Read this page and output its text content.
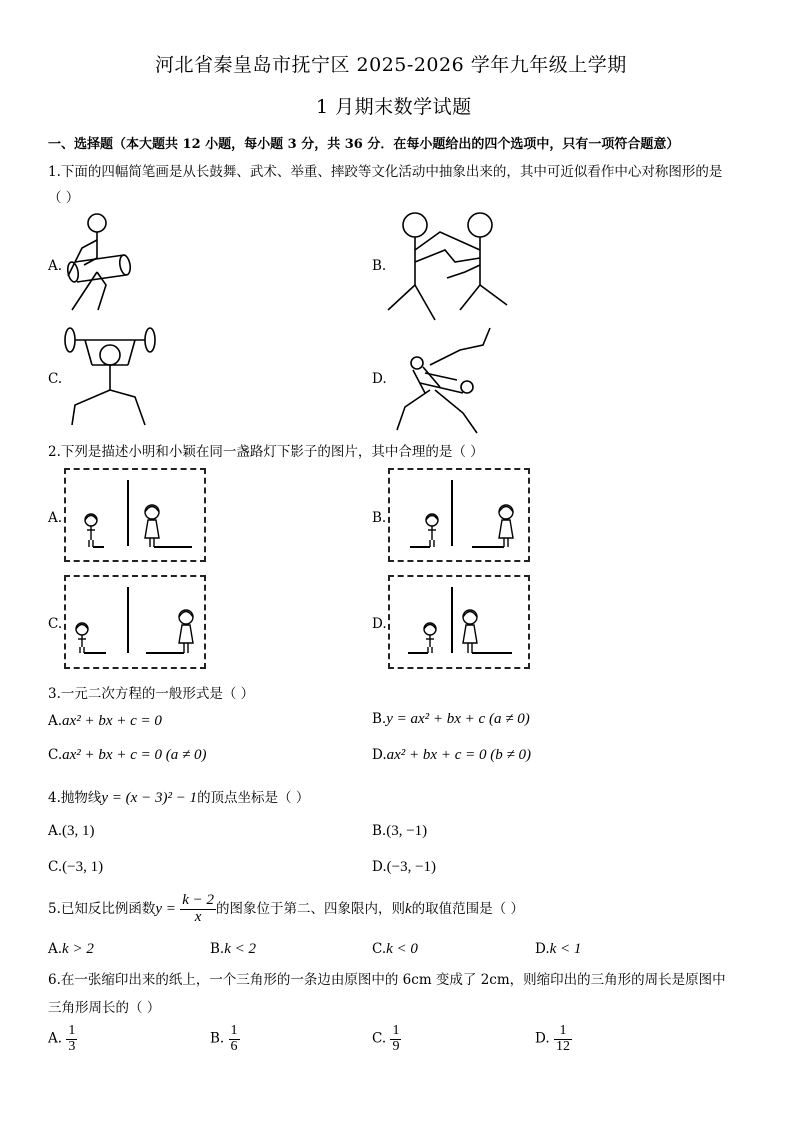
河北省秦皇岛市抚宁区 2025-2026 学年九年级上学期
1 月期末数学试题
一、选择题（本大题共 12 小题，每小题 3 分，共 36 分．在每小题给出的四个选项中，只有一项符合题意）
1.下面的四幅简笔画是从长鼓舞、武术、举重、摔跤等文化活动中抽象出来的，其中可近似看作中心对称图形的是
（ ）
A.	B.
C.	D.
2.下列是描述小明和小颖在同一盏路灯下影子的图片，其中合理的是（ ）
A.	B.
C.	D.
3.一元二次方程的一般形式是（ ）
A.ax² + bx + c = 0	B.y = ax² + bx + c (a ≠ 0)
C.ax² + bx + c = 0 (a ≠ 0)	D.ax² + bx + c = 0 (b ≠ 0)
4.抛物线y = (x − 3)² − 1的顶点坐标是（ ）
A.(3, 1)	B.(3, −1)
C.(−3, 1)	D.(−3, −1)
5.已知反比例函数$y = \frac{k - 2}{x}$ 的图象位于第二、四象限内，则k的取值范围是（ ）
A.k > 2	B.k < 2	C.k < 0	D.k < 1
6.在一张缩印出来的纸上，一个三角形的一条边由原图中的 6cm 变成了 2cm，则缩印出的三角形的周长是原图中
三角形周长的（ ）
A. $\frac{1}{3}$	B. $\frac{1}{6}$	C. $\frac{1}{9}$	D. $\frac{1}{12}$
